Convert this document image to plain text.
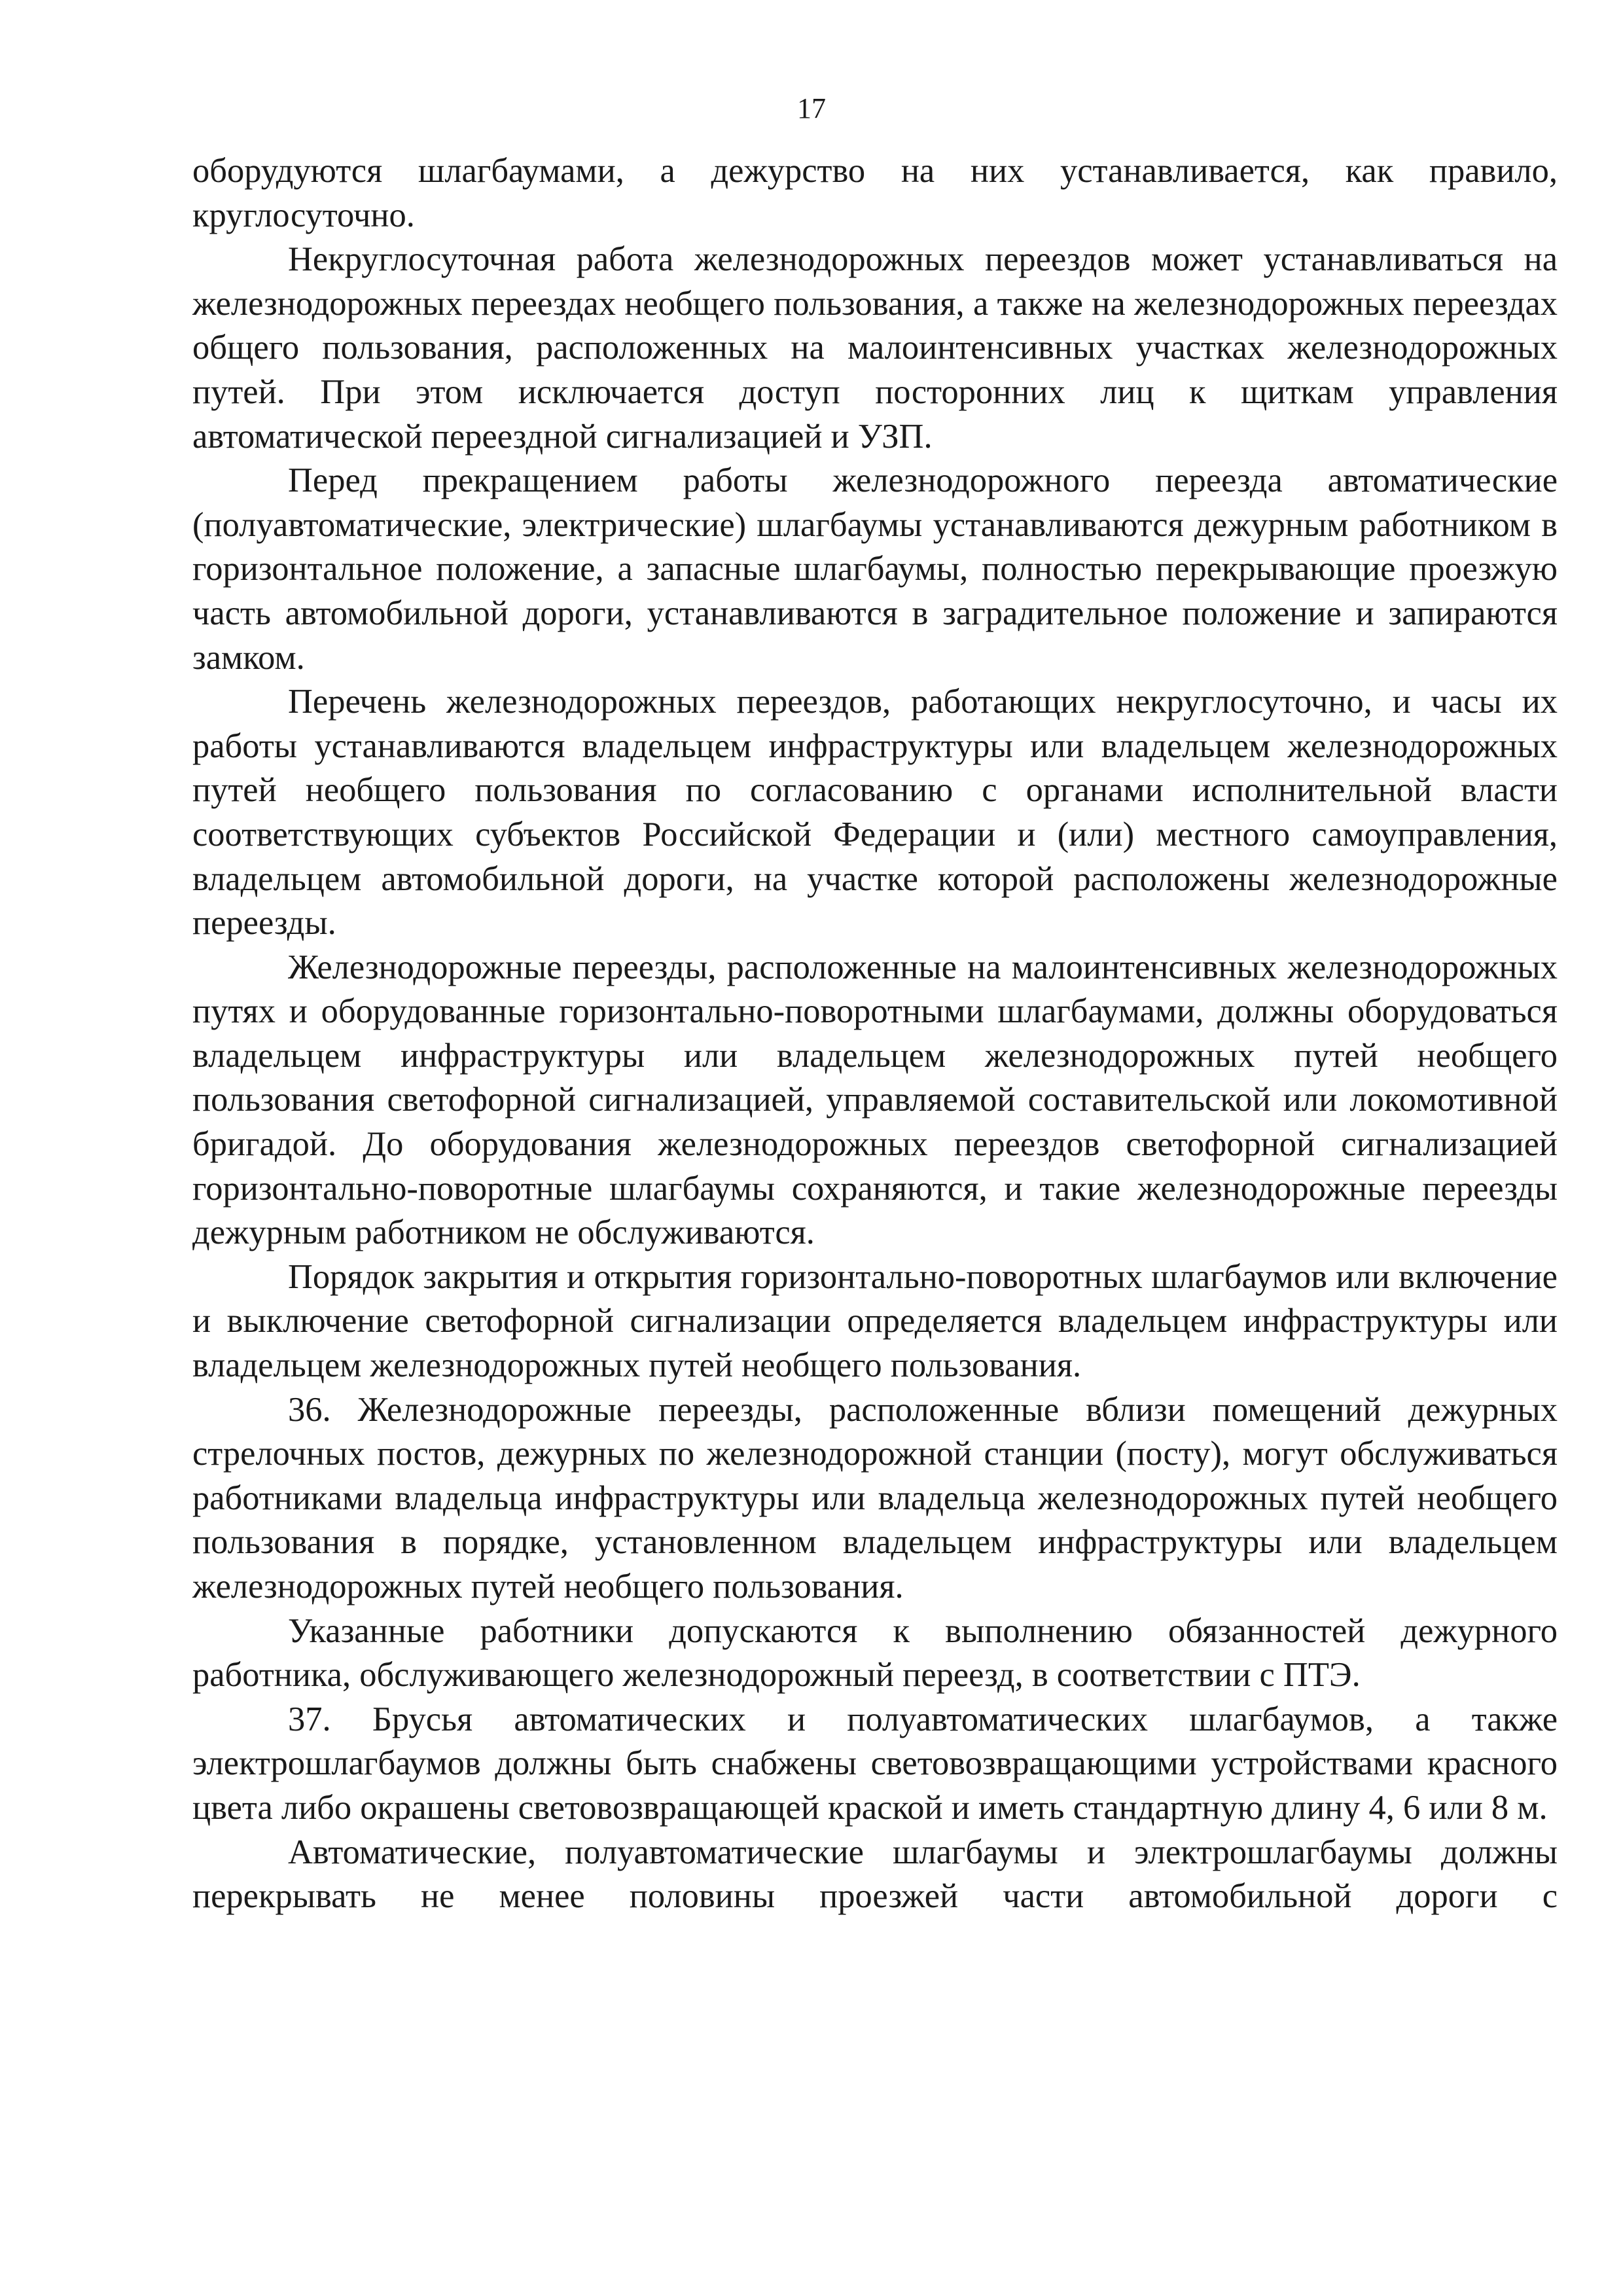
17

оборудуются шлагбаумами, а дежурство на них устанавливается, как правило, круглосуточно.

Некруглосуточная работа железнодорожных переездов может устанавливаться на железнодорожных переездах необщего пользования, а также на железнодорожных переездах общего пользования, расположенных на малоинтенсивных участках железнодорожных путей. При этом исключается доступ посторонних лиц к щиткам управления автоматической переездной сигнализацией и УЗП.

Перед прекращением работы железнодорожного переезда автоматические (полуавтоматические, электрические) шлагбаумы устанавливаются дежурным работником в горизонтальное положение, а запасные шлагбаумы, полностью перекрывающие проезжую часть автомобильной дороги, устанавливаются в заградительное положение и запираются замком.

Перечень железнодорожных переездов, работающих некруглосуточно, и часы их работы устанавливаются владельцем инфраструктуры или владельцем железнодорожных путей необщего пользования по согласованию с органами исполнительной власти соответствующих субъектов Российской Федерации и (или) местного самоуправления, владельцем автомобильной дороги, на участке которой расположены железнодорожные переезды.

Железнодорожные переезды, расположенные на малоинтенсивных железнодорожных путях и оборудованные горизонтально-поворотными шлагбаумами, должны оборудоваться владельцем инфраструктуры или владельцем железнодорожных путей необщего пользования светофорной сигнализацией, управляемой составительской или локомотивной бригадой. До оборудования железнодорожных переездов светофорной сигнализацией горизонтально-поворотные шлагбаумы сохраняются, и такие железнодорожные переезды дежурным работником не обслуживаются.

Порядок закрытия и открытия горизонтально-поворотных шлагбаумов или включение и выключение светофорной сигнализации определяется владельцем инфраструктуры или владельцем железнодорожных путей необщего пользования.

36. Железнодорожные переезды, расположенные вблизи помещений дежурных стрелочных постов, дежурных по железнодорожной станции (посту), могут обслуживаться работниками владельца инфраструктуры или владельца железнодорожных путей необщего пользования в порядке, установленном владельцем инфраструктуры или владельцем железнодорожных путей необщего пользования.

Указанные работники допускаются к выполнению обязанностей дежурного работника, обслуживающего железнодорожный переезд, в соответствии с ПТЭ.

37. Брусья автоматических и полуавтоматических шлагбаумов, а также электрошлагбаумов должны быть снабжены световозвращающими устройствами красного цвета либо окрашены световозвращающей краской и иметь стандартную длину 4, 6 или 8 м.

Автоматические, полуавтоматические шлагбаумы и электрошлагбаумы должны перекрывать не менее половины проезжей части автомобильной дороги с
